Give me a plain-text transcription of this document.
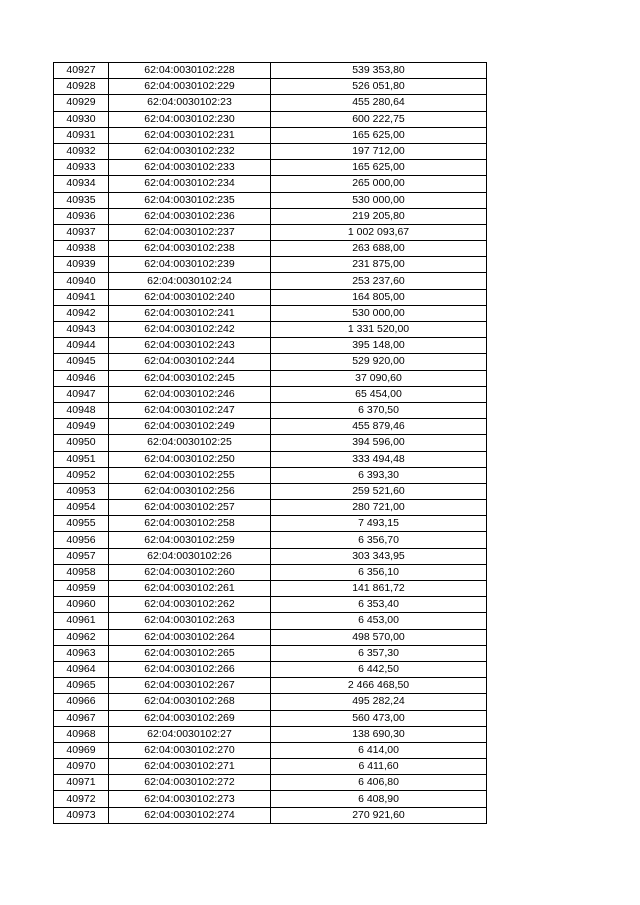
40927	62:04:0030102:228	539 353,80
40928	62:04:0030102:229	526 051,80
40929	62:04:0030102:23	455 280,64
40930	62:04:0030102:230	600 222,75
40931	62:04:0030102:231	165 625,00
40932	62:04:0030102:232	197 712,00
40933	62:04:0030102:233	165 625,00
40934	62:04:0030102:234	265 000,00
40935	62:04:0030102:235	530 000,00
40936	62:04:0030102:236	219 205,80
40937	62:04:0030102:237	1 002 093,67
40938	62:04:0030102:238	263 688,00
40939	62:04:0030102:239	231 875,00
40940	62:04:0030102:24	253 237,60
40941	62:04:0030102:240	164 805,00
40942	62:04:0030102:241	530 000,00
40943	62:04:0030102:242	1 331 520,00
40944	62:04:0030102:243	395 148,00
40945	62:04:0030102:244	529 920,00
40946	62:04:0030102:245	37 090,60
40947	62:04:0030102:246	65 454,00
40948	62:04:0030102:247	6 370,50
40949	62:04:0030102:249	455 879,46
40950	62:04:0030102:25	394 596,00
40951	62:04:0030102:250	333 494,48
40952	62:04:0030102:255	6 393,30
40953	62:04:0030102:256	259 521,60
40954	62:04:0030102:257	280 721,00
40955	62:04:0030102:258	7 493,15
40956	62:04:0030102:259	6 356,70
40957	62:04:0030102:26	303 343,95
40958	62:04:0030102:260	6 356,10
40959	62:04:0030102:261	141 861,72
40960	62:04:0030102:262	6 353,40
40961	62:04:0030102:263	6 453,00
40962	62:04:0030102:264	498 570,00
40963	62:04:0030102:265	6 357,30
40964	62:04:0030102:266	6 442,50
40965	62:04:0030102:267	2 466 468,50
40966	62:04:0030102:268	495 282,24
40967	62:04:0030102:269	560 473,00
40968	62:04:0030102:27	138 690,30
40969	62:04:0030102:270	6 414,00
40970	62:04:0030102:271	6 411,60
40971	62:04:0030102:272	6 406,80
40972	62:04:0030102:273	6 408,90
40973	62:04:0030102:274	270 921,60
